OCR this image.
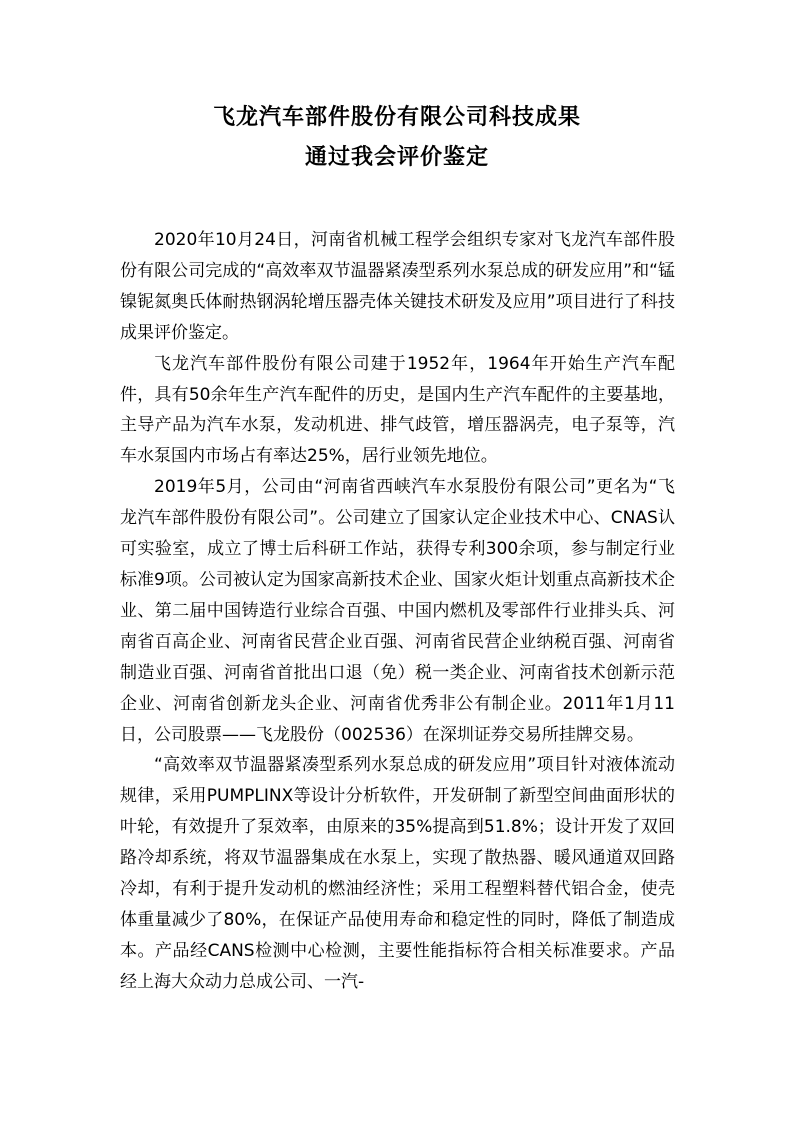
飞龙汽车部件股份有限公司科技成果
通过我会评价鉴定

2020年10月24日，河南省机械工程学会组织专家对飞龙汽车部件股份有限公司完成的“高效率双节温器紧凑型系列水泵总成的研发应用”和“锰镍铌氮奥氏体耐热钢涡轮增压器壳体关键技术研发及应用”项目进行了科技成果评价鉴定。

飞龙汽车部件股份有限公司建于1952年，1964年开始生产汽车配件，具有50余年生产汽车配件的历史，是国内生产汽车配件的主要基地，主导产品为汽车水泵，发动机进、排气歧管，增压器涡壳，电子泵等，汽车水泵国内市场占有率达25%，居行业领先地位。

2019年5月，公司由“河南省西峡汽车水泵股份有限公司”更名为“飞龙汽车部件股份有限公司”。公司建立了国家认定企业技术中心、CNAS认可实验室，成立了博士后科研工作站，获得专利300余项，参与制定行业标准9项。公司被认定为国家高新技术企业、国家火炬计划重点高新技术企业、第二届中国铸造行业综合百强、中国内燃机及零部件行业排头兵、河南省百高企业、河南省民营企业百强、河南省民营企业纳税百强、河南省制造业百强、河南省首批出口退（免）税一类企业、河南省技术创新示范企业、河南省创新龙头企业、河南省优秀非公有制企业。2011年1月11日，公司股票——飞龙股份（002536）在深圳证券交易所挂牌交易。

“高效率双节温器紧凑型系列水泵总成的研发应用”项目针对液体流动规律，采用PUMPLINX等设计分析软件，开发研制了新型空间曲面形状的叶轮，有效提升了泵效率，由原来的35%提高到51.8%；设计开发了双回路冷却系统，将双节温器集成在水泵上，实现了散热器、暖风通道双回路冷却，有利于提升发动机的燃油经济性；采用工程塑料替代铝合金，使壳体重量减少了80%，在保证产品使用寿命和稳定性的同时，降低了制造成本。产品经CANS检测中心检测，主要性能指标符合相关标准要求。产品经上海大众动力总成公司、一汽-
